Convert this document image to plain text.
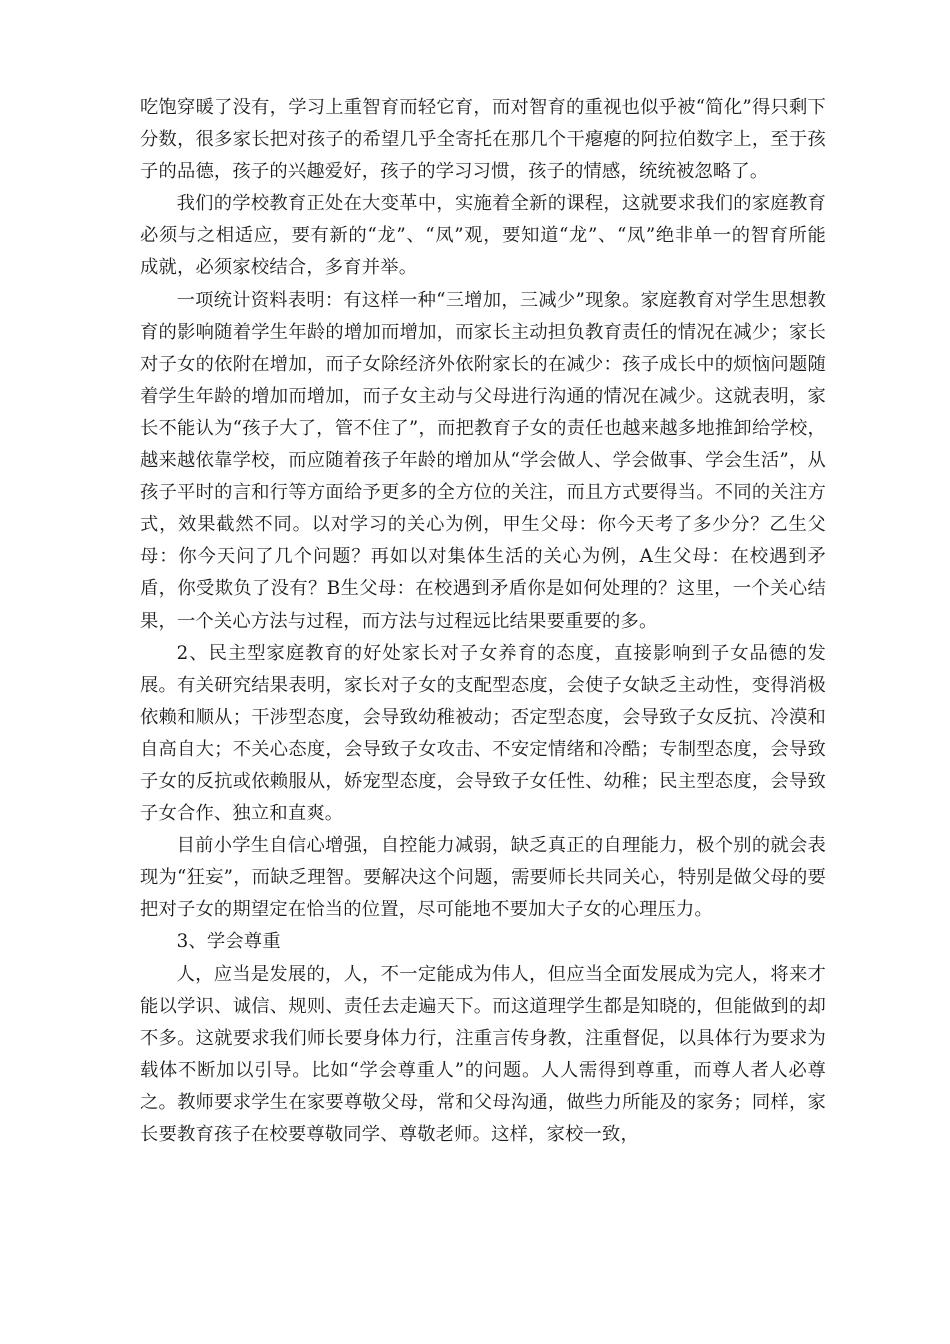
吃饱穿暖了没有，学习上重智育而轻它育，而对智育的重视也似乎被“简化”得只剩下分数，很多家长把对孩子的希望几乎全寄托在那几个干瘪瘪的阿拉伯数字上，至于孩子的品德，孩子的兴趣爱好，孩子的学习习惯，孩子的情感，统统被忽略了。

我们的学校教育正处在大变革中，实施着全新的课程，这就要求我们的家庭教育必须与之相适应，要有新的“龙”、“凤”观，要知道“龙”、“凤”绝非单一的智育所能成就，必须家校结合，多育并举。

一项统计资料表明：有这样一种“三增加，三减少”现象。家庭教育对学生思想教育的影响随着学生年龄的增加而增加，而家长主动担负教育责任的情况在减少；家长对子女的依附在增加，而子女除经济外依附家长的在减少：孩子成长中的烦恼问题随着学生年龄的增加而增加，而子女主动与父母进行沟通的情况在减少。这就表明，家长不能认为“孩子大了，管不住了”，而把教育子女的责任也越来越多地推卸给学校，越来越依靠学校，而应随着孩子年龄的增加从“学会做人、学会做事、学会生活”，从孩子平时的言和行等方面给予更多的全方位的关注，而且方式要得当。不同的关注方式，效果截然不同。以对学习的关心为例，甲生父母：你今天考了多少分？乙生父母：你今天问了几个问题？再如以对集体生活的关心为例，A生父母：在校遇到矛盾，你受欺负了没有？B生父母：在校遇到矛盾你是如何处理的？这里，一个关心结果，一个关心方法与过程，而方法与过程远比结果要重要的多。

2、民主型家庭教育的好处家长对子女养育的态度，直接影响到子女品德的发展。有关研究结果表明，家长对子女的支配型态度，会使子女缺乏主动性，变得消极依赖和顺从；干涉型态度，会导致幼稚被动；否定型态度，会导致子女反抗、冷漠和自高自大；不关心态度，会导致子女攻击、不安定情绪和冷酷；专制型态度，会导致子女的反抗或依赖服从，娇宠型态度，会导致子女任性、幼稚；民主型态度，会导致子女合作、独立和直爽。

目前小学生自信心增强，自控能力减弱，缺乏真正的自理能力，极个别的就会表现为“狂妄”，而缺乏理智。要解决这个问题，需要师长共同关心，特别是做父母的要把对子女的期望定在恰当的位置，尽可能地不要加大子女的心理压力。

3、学会尊重

人，应当是发展的，人，不一定能成为伟人，但应当全面发展成为完人，将来才能以学识、诚信、规则、责任去走遍天下。而这道理学生都是知晓的，但能做到的却不多。这就要求我们师长要身体力行，注重言传身教，注重督促，以具体行为要求为载体不断加以引导。比如“学会尊重人”的问题。人人需得到尊重，而尊人者人必尊之。教师要求学生在家要尊敬父母，常和父母沟通，做些力所能及的家务；同样，家长要教育孩子在校要尊敬同学、尊敬老师。这样，家校一致，
